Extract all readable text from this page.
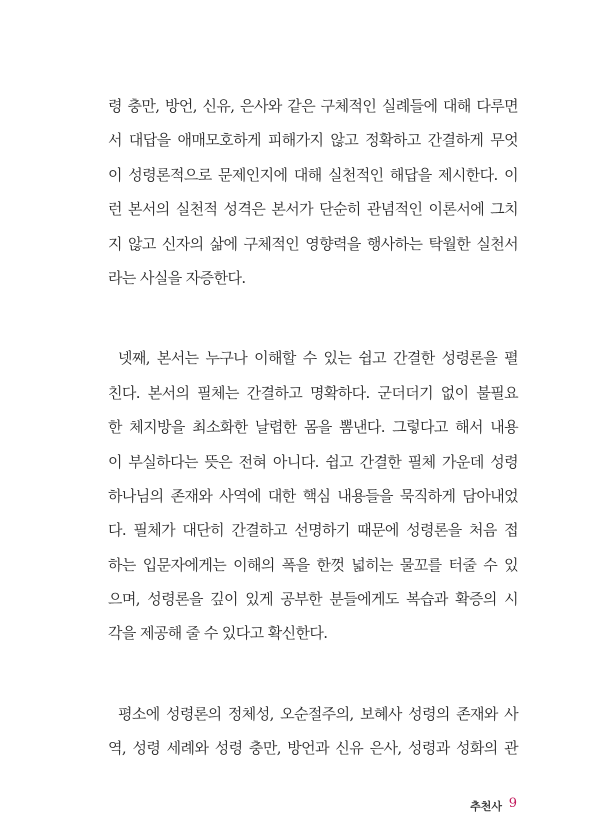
령 충만, 방언, 신유, 은사와 같은 구체적인 실례들에 대해 다루면
서 대답을 애매모호하게 피해가지 않고 정확하고 간결하게 무엇
이 성령론적으로 문제인지에 대해 실천적인 해답을 제시한다. 이
런 본서의 실천적 성격은 본서가 단순히 관념적인 이론서에 그치
지 않고 신자의 삶에 구체적인 영향력을 행사하는 탁월한 실천서
라는 사실을 자증한다.
넷째, 본서는 누구나 이해할 수 있는 쉽고 간결한 성령론을 펼
친다. 본서의 필체는 간결하고 명확하다. 군더더기 없이 불필요
한 체지방을 최소화한 날렵한 몸을 뽐낸다. 그렇다고 해서 내용
이 부실하다는 뜻은 전혀 아니다. 쉽고 간결한 필체 가운데 성령
하나님의 존재와 사역에 대한 핵심 내용들을 묵직하게 담아내었
다. 필체가 대단히 간결하고 선명하기 때문에 성령론을 처음 접
하는 입문자에게는 이해의 폭을 한껏 넓히는 물꼬를 터줄 수 있
으며, 성령론을 깊이 있게 공부한 분들에게도 복습과 확증의 시
각을 제공해 줄 수 있다고 확신한다.
평소에 성령론의 정체성, 오순절주의, 보혜사 성령의 존재와 사
역, 성령 세례와 성령 충만, 방언과 신유 은사, 성령과 성화의 관
추천사 9
